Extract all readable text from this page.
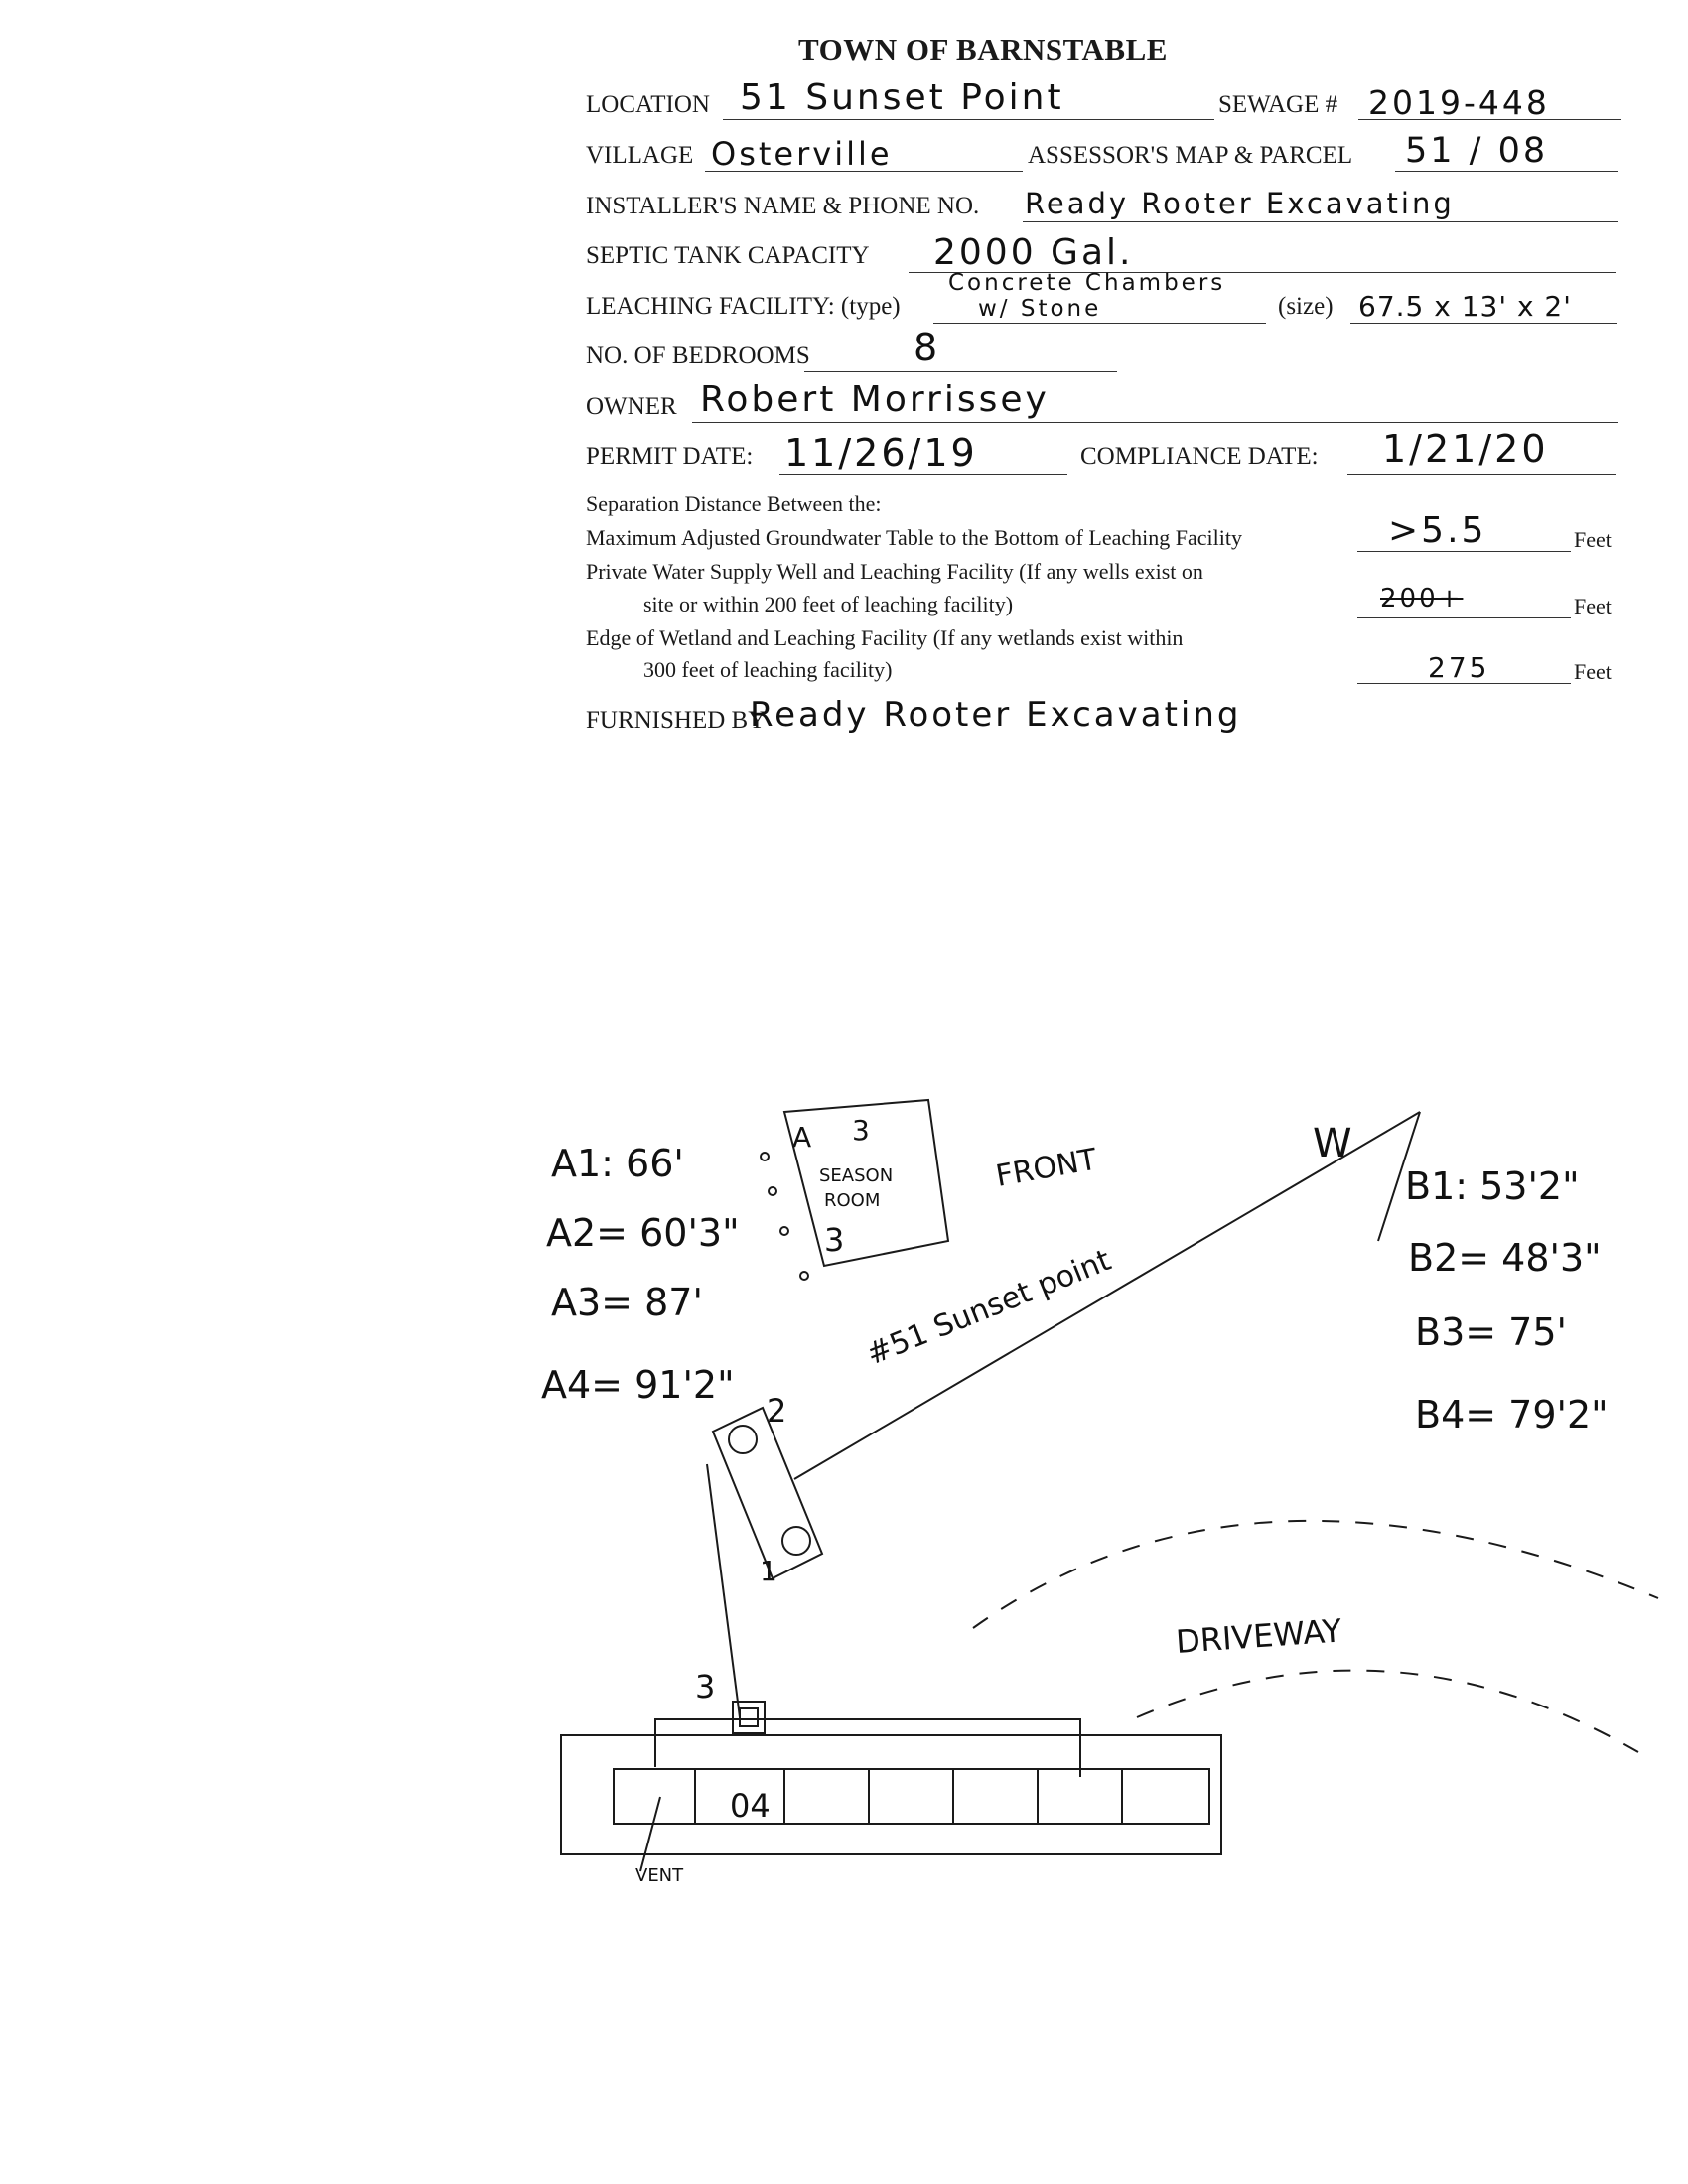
TOWN OF BARNSTABLE
LOCATION 51 Sunset Point	SEWAGE # 2019-448
VILLAGE Osterville	ASSESSOR'S MAP & PARCEL 51 / 08
INSTALLER'S NAME & PHONE NO. Ready Rooter Excavating
SEPTIC TANK CAPACITY 2000 Gal.
LEACHING FACILITY: (type)
Concrete Chambers
w/ Stone	(size) 67.5 x 13' x 2'
NO. OF BEDROOMS	8
OWNER Robert Morrissey
PERMIT DATE: 11/26/19	COMPLIANCE DATE: 1/21/20
Separation Distance Between the:
Maximum Adjusted Groundwater Table to the Bottom of Leaching Facility	>5.5	Feet
Private Water Supply Well and Leaching Facility (If any wells exist on
site or within 200 feet of leaching facility)	200+	Feet
Edge of Wetland and Leaching Facility (If any wetlands exist within
300 feet of leaching facility)	275	Feet
FURNISHED BY
Ready Rooter Excavating
A1: 66'
A2= 60'3"
A3= 87'
A4= 91'2"
B1: 53'2"
B2= 48'3"
B3= 75'
B4= 79'2"
A 3
SEASON
ROOM
FRONT
3
#51 Sunset point
W
2
1
3
04
VENT
DRIVEWAY
